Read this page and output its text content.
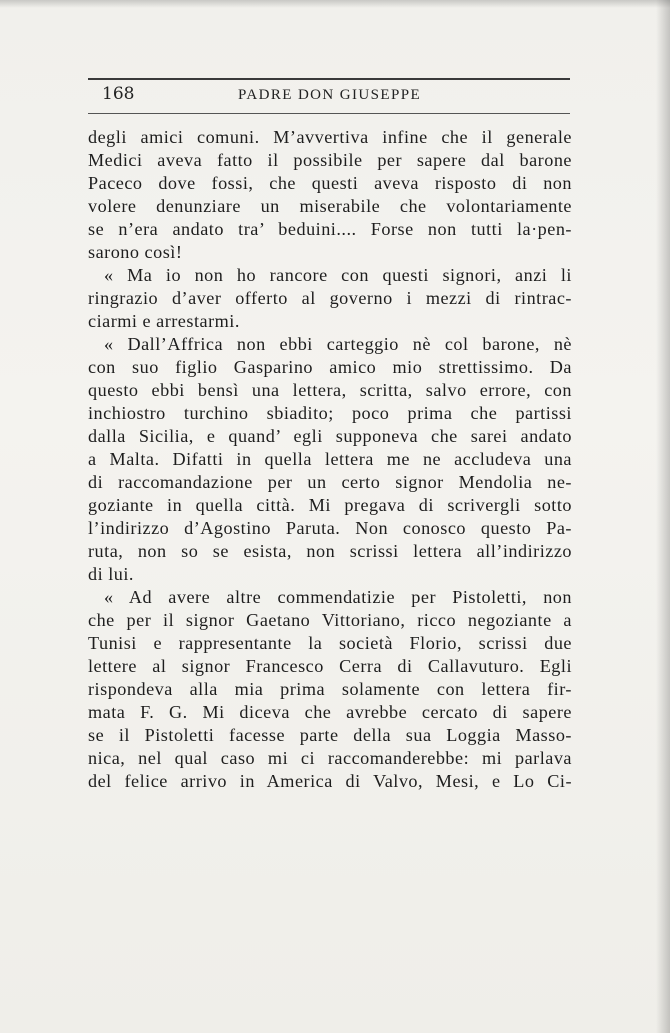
168	PADRE DON GIUSEPPE
degli amici comuni. M’avvertiva infine che il generale
Medici aveva fatto il possibile per sapere dal barone
Paceco dove fossi, che questi aveva risposto di non
volere denunziare un miserabile che volontariamente
se n’era andato tra’ beduini.... Forse non tutti la·pen-
sarono così!
« Ma io non ho rancore con questi signori, anzi li
ringrazio d’aver offerto al governo i mezzi di rintrac-
ciarmi e arrestarmi.
« Dall’Affrica non ebbi carteggio nè col barone, nè
con suo figlio Gasparino amico mio strettissimo. Da
questo ebbi bensì una lettera, scritta, salvo errore, con
inchiostro turchino sbiadito; poco prima che partissi
dalla Sicilia, e quand’ egli supponeva che sarei andato
a Malta. Difatti in quella lettera me ne accludeva una
di raccomandazione per un certo signor Mendolia ne-
goziante in quella città. Mi pregava di scrivergli sotto
l’indirizzo d’Agostino Paruta. Non conosco questo Pa-
ruta, non so se esista, non scrissi lettera all’indirizzo
di lui.
« Ad avere altre commendatizie per Pistoletti, non
che per il signor Gaetano Vittoriano, ricco negoziante a
Tunisi e rappresentante la società Florio, scrissi due
lettere al signor Francesco Cerra di Callavuturo. Egli
rispondeva alla mia prima solamente con lettera fir-
mata F. G. Mi diceva che avrebbe cercato di sapere
se il Pistoletti facesse parte della sua Loggia Masso-
nica, nel qual caso mi ci raccomanderebbe: mi parlava
del felice arrivo in America di Valvo, Mesi, e Lo Ci-
